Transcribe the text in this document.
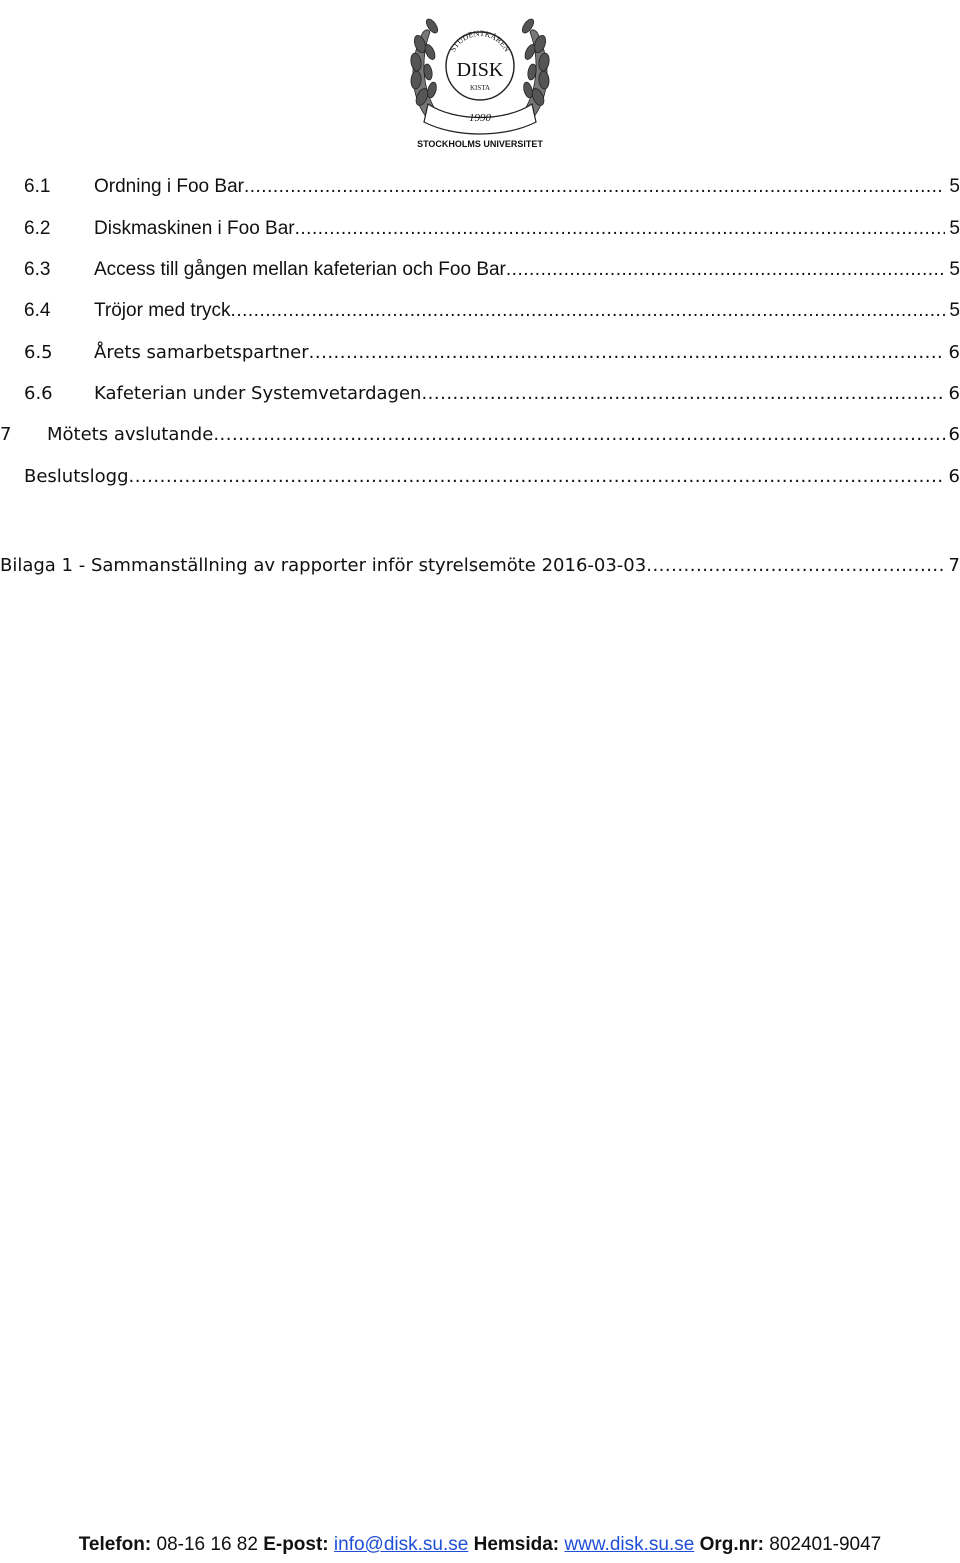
STUDENTKÅREN
DISK
KISTA
1990
STOCKHOLMS UNIVERSITET
6.1	Ordning i Foo Bar .....	5
6.2	Diskmaskinen i Foo Bar .....	5
6.3	Access till gången mellan kafeterian och Foo Bar .....	5
6.4	Tröjor med tryck .....	5
6.5	Årets samarbetspartner .....	6
6.6	Kafeterian under Systemvetardagen .....	6
7	Mötets avslutande .....	6
Beslutslogg .....	6
Bilaga 1 - Sammanställning av rapporter inför styrelsemöte 2016-03-03 .....	7
Telefon: 08-16 16 82 E-post: info@disk.su.se Hemsida: www.disk.su.se Org.nr: 802401-9047
